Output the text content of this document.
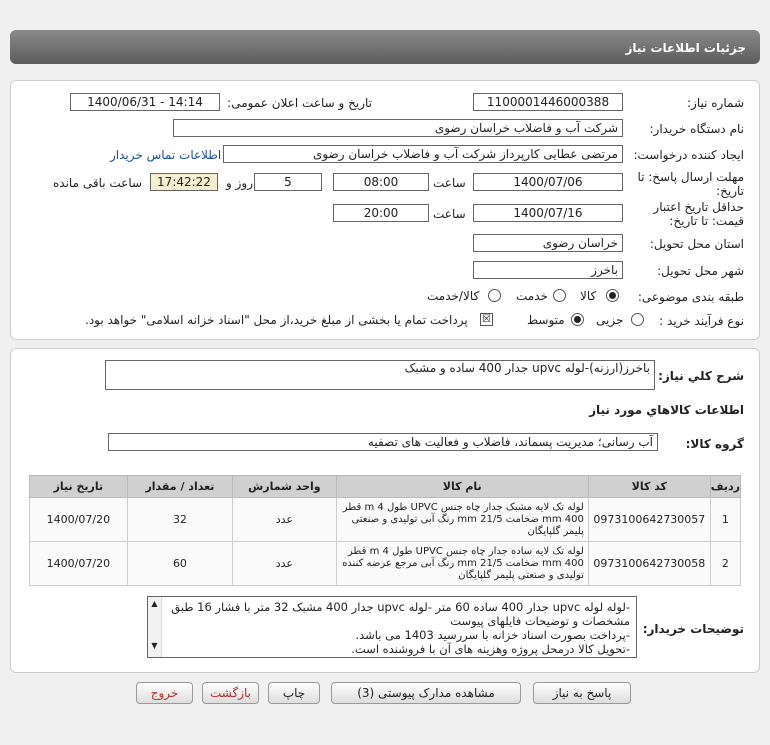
جزئیات اطلاعات نیاز
شماره نیاز:
1100001446000388
تاریخ و ساعت اعلان عمومی:
1400/06/31 - 14:14
نام دستگاه خریدار:
شرکت آب و فاضلاب خراسان رضوی
ایجاد کننده درخواست:
مرتضی عطایی کارپرداز شرکت آب و فاضلاب خراسان رضوی
اطلاعات تماس خریدار
مهلت ارسال پاسخ: تا تاریخ:
1400/07/06
ساعت
08:00
روز و	5
17:42:22
ساعت باقی مانده
حداقل تاریخ اعتبار قیمت: تا تاریخ:
1400/07/16
ساعت
20:00
استان محل تحویل:
خراسان رضوی
شهر محل تحویل:
باخرز
طبقه بندی موضوعی:
کالا
خدمت
کالا/خدمت
نوع فرآیند خرید :
جزیی
متوسط
☒
پرداخت تمام یا بخشی از مبلغ خرید،از محل "اسناد خزانه اسلامی" خواهد بود.
شرح کلي نياز:
باخرز(ارزنه)-لوله upvc جدار 400 ساده و مشبک
اطلاعات کالاهاي مورد نياز
گروه کالا:
آب رسانی؛ مدیریت پسماند، فاضلاب و فعالیت های تصفیه
ردیف	کد کالا	نام کالا	واحد شمارش	تعداد / مقدار	تاریخ نیاز
1	0973100642730057	لوله تک لایه مشبک جدار چاه جنس UPVC طول 4 m قطر 400 mm ضخامت 21/5 mm رنگ آبی تولیدی و صنعتی پلیمر گلپایگان	عدد	32	1400/07/20
2	0973100642730058	لوله تک لایه ساده جدار چاه جنس UPVC طول 4 m قطر 400 mm ضخامت 21/5 mm رنگ آبی مرجع عرضه کننده تولیدی و صنعتی پلیمر گلپایگان	عدد	60	1400/07/20
توضیحات خریدار:
-لوله لوله upvc جدار 400 ساده 60 متر -لوله upvc جدار 400 مشبک 32 متر با فشار 16 طبق مشخصات و توضیحات فایلهای پیوست
-پرداخت بصورت اسناد خزانه با سررسید 1403 می باشد.
-تحویل کالا درمحل پروژه وهزینه های آن با فروشنده است.
▲

▼
پاسخ به نیاز
مشاهده مدارک پیوستی (3)
چاپ
بازگشت
خروج
